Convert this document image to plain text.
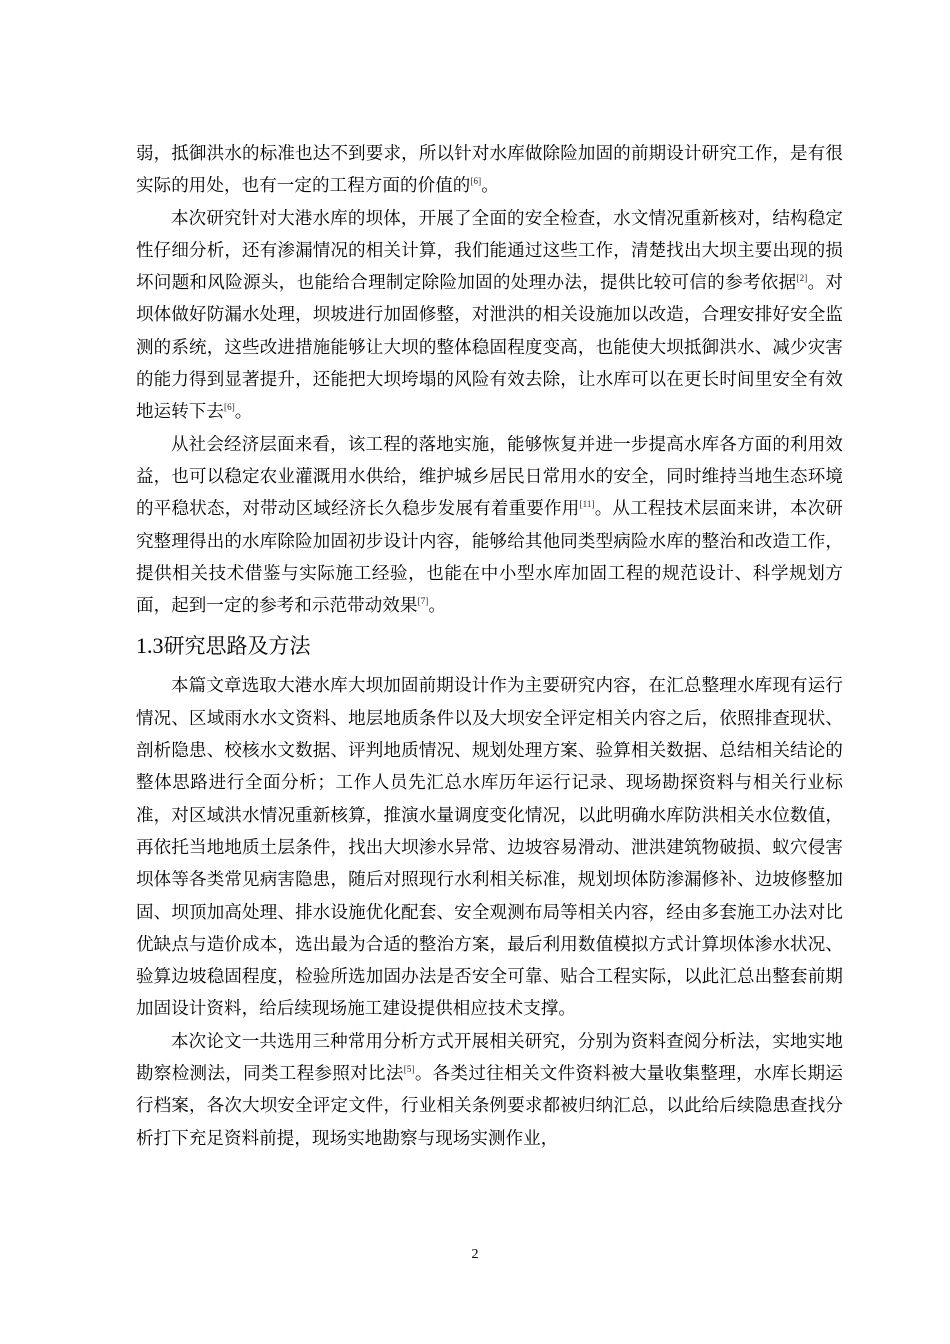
弱，抵御洪水的标准也达不到要求，所以针对水库做除险加固的前期设计研究工作，是有很实际的用处，也有一定的工程方面的价值的[6]。

本次研究针对大港水库的坝体，开展了全面的安全检查，水文情况重新核对，结构稳定性仔细分析，还有渗漏情况的相关计算，我们能通过这些工作，清楚找出大坝主要出现的损坏问题和风险源头，也能给合理制定除险加固的处理办法，提供比较可信的参考依据[2]。对坝体做好防漏水处理，坝坡进行加固修整，对泄洪的相关设施加以改造，合理安排好安全监测的系统，这些改进措施能够让大坝的整体稳固程度变高，也能使大坝抵御洪水、减少灾害的能力得到显著提升，还能把大坝垮塌的风险有效去除，让水库可以在更长时间里安全有效地运转下去[6]。

从社会经济层面来看，该工程的落地实施，能够恢复并进一步提高水库各方面的利用效益，也可以稳定农业灌溉用水供给，维护城乡居民日常用水的安全，同时维持当地生态环境的平稳状态，对带动区域经济长久稳步发展有着重要作用[11]。从工程技术层面来讲，本次研究整理得出的水库除险加固初步设计内容，能够给其他同类型病险水库的整治和改造工作，提供相关技术借鉴与实际施工经验，也能在中小型水库加固工程的规范设计、科学规划方面，起到一定的参考和示范带动效果[7]。

1.3研究思路及方法

本篇文章选取大港水库大坝加固前期设计作为主要研究内容，在汇总整理水库现有运行情况、区域雨水水文资料、地层地质条件以及大坝安全评定相关内容之后，依照排查现状、剖析隐患、校核水文数据、评判地质情况、规划处理方案、验算相关数据、总结相关结论的整体思路进行全面分析；工作人员先汇总水库历年运行记录、现场勘探资料与相关行业标准，对区域洪水情况重新核算，推演水量调度变化情况，以此明确水库防洪相关水位数值，再依托当地地质土层条件，找出大坝渗水异常、边坡容易滑动、泄洪建筑物破损、蚁穴侵害坝体等各类常见病害隐患，随后对照现行水利相关标准，规划坝体防渗漏修补、边坡修整加固、坝顶加高处理、排水设施优化配套、安全观测布局等相关内容，经由多套施工办法对比优缺点与造价成本，选出最为合适的整治方案，最后利用数值模拟方式计算坝体渗水状况、验算边坡稳固程度，检验所选加固办法是否安全可靠、贴合工程实际，以此汇总出整套前期加固设计资料，给后续现场施工建设提供相应技术支撑。

本次论文一共选用三种常用分析方式开展相关研究，分别为资料查阅分析法，实地实地勘察检测法，同类工程参照对比法[5]。各类过往相关文件资料被大量收集整理，水库长期运行档案，各次大坝安全评定文件，行业相关条例要求都被归纳汇总，以此给后续隐患查找分析打下充足资料前提，现场实地勘察与现场实测作业，

2
